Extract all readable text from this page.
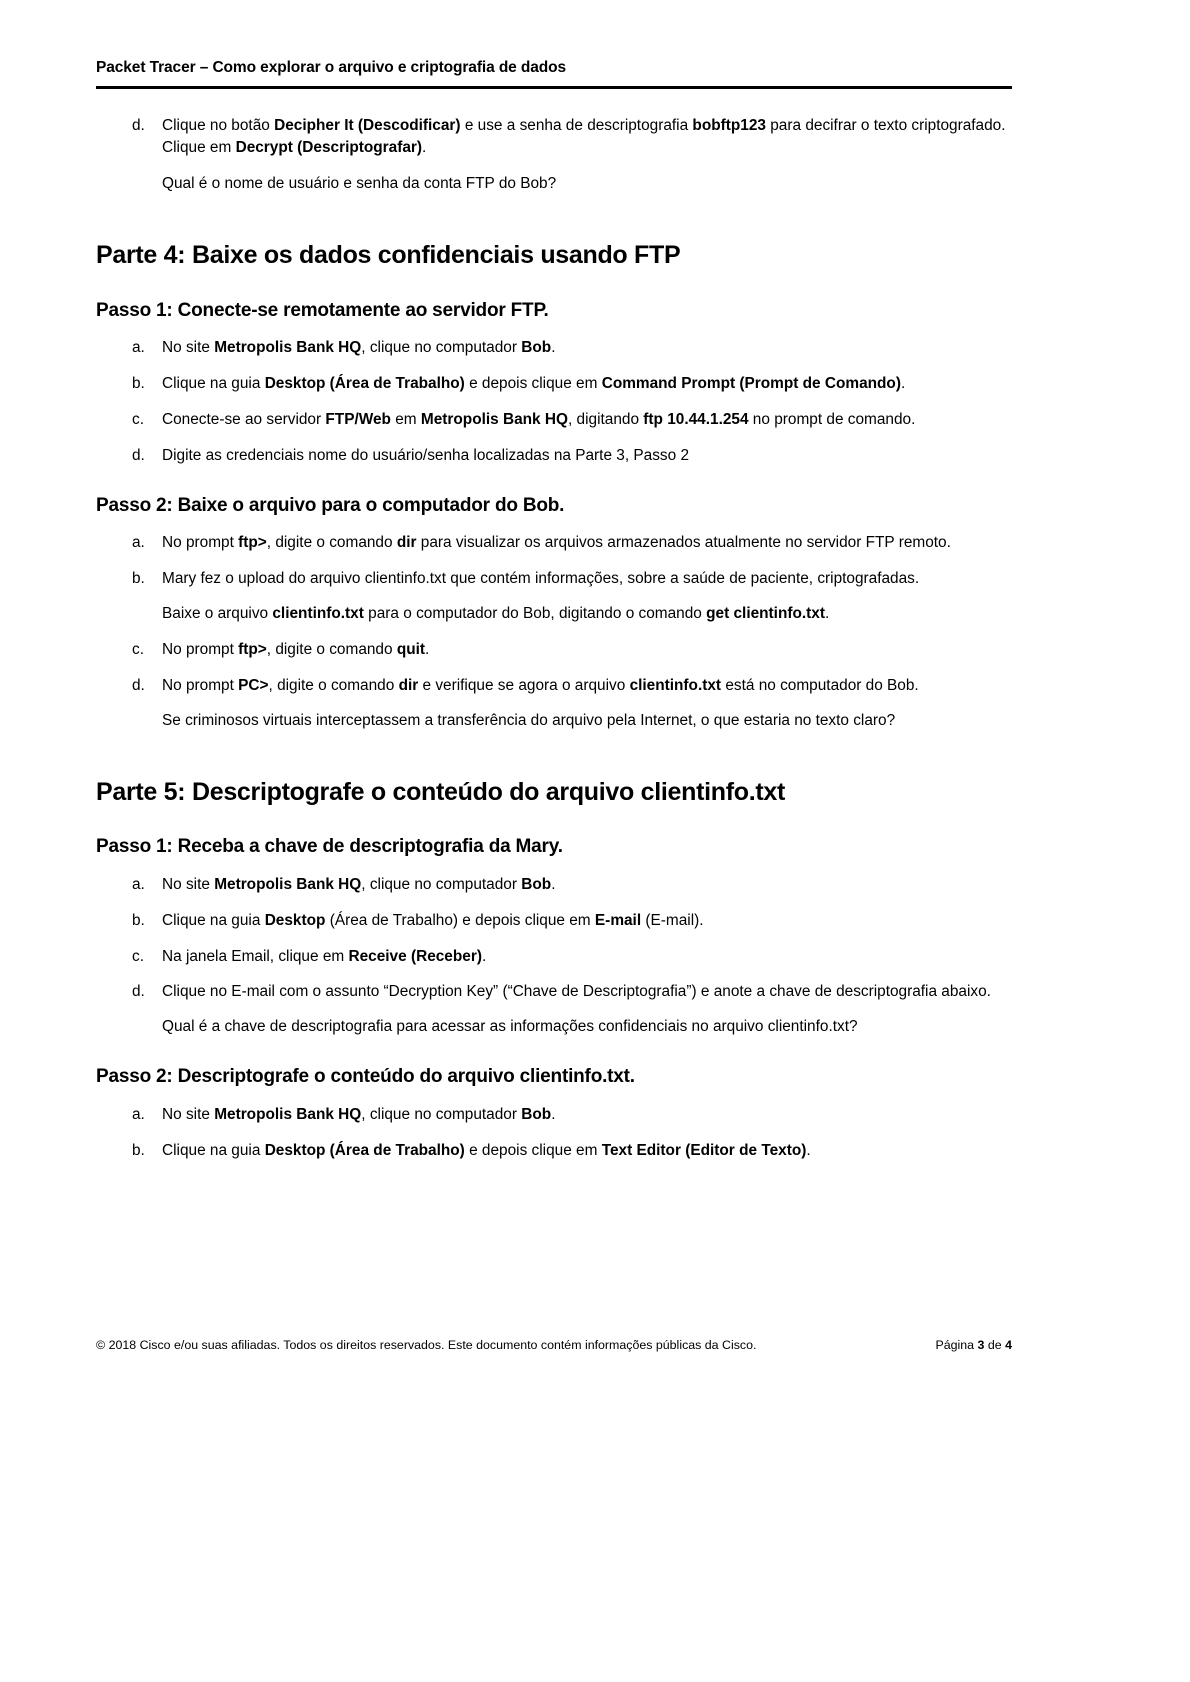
Packet Tracer – Como explorar o arquivo e criptografia de dados
d. Clique no botão Decipher It (Descodificar) e use a senha de descriptografia bobftp123 para decifrar o texto criptografado. Clique em Decrypt (Descriptografar).

Qual é o nome de usuário e senha da conta FTP do Bob?

Parte 4: Baixe os dados confidenciais usando FTP
Passo 1: Conecte-se remotamente ao servidor FTP.
a. No site Metropolis Bank HQ, clique no computador Bob.
b. Clique na guia Desktop (Área de Trabalho) e depois clique em Command Prompt (Prompt de Comando).
c. Conecte-se ao servidor FTP/Web em Metropolis Bank HQ, digitando ftp 10.44.1.254 no prompt de comando.
d. Digite as credenciais nome do usuário/senha localizadas na Parte 3, Passo 2
Passo 2: Baixe o arquivo para o computador do Bob.
a. No prompt ftp>, digite o comando dir para visualizar os arquivos armazenados atualmente no servidor FTP remoto.
b. Mary fez o upload do arquivo clientinfo.txt que contém informações, sobre a saúde de paciente, criptografadas.
Baixe o arquivo clientinfo.txt para o computador do Bob, digitando o comando get clientinfo.txt.
c. No prompt ftp>, digite o comando quit.
d. No prompt PC>, digite o comando dir e verifique se agora o arquivo clientinfo.txt está no computador do Bob.
Se criminosos virtuais interceptassem a transferência do arquivo pela Internet, o que estaria no texto claro?
Parte 5: Descriptografe o conteúdo do arquivo clientinfo.txt
Passo 1: Receba a chave de descriptografia da Mary.
a. No site Metropolis Bank HQ, clique no computador Bob.
b. Clique na guia Desktop (Área de Trabalho) e depois clique em E-mail (E-mail).
c. Na janela Email, clique em Receive (Receber).
d. Clique no E-mail com o assunto “Decryption Key” (“Chave de Descriptografia”) e anote a chave de descriptografia abaixo.
Qual é a chave de descriptografia para acessar as informações confidenciais no arquivo clientinfo.txt?
Passo 2: Descriptografe o conteúdo do arquivo clientinfo.txt.
a. No site Metropolis Bank HQ, clique no computador Bob.
b. Clique na guia Desktop (Área de Trabalho) e depois clique em Text Editor (Editor de Texto).
© 2018 Cisco e/ou suas afiliadas. Todos os direitos reservados. Este documento contém informações públicas da Cisco.	Página 3 de 4
